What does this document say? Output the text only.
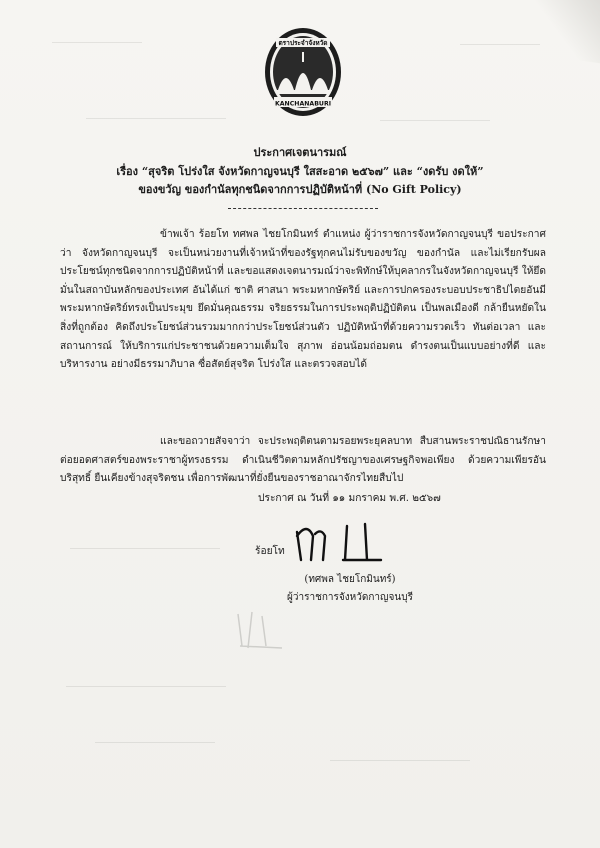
ตราประจำจังหวัด
KANCHANABURI
ประกาศเจตนารมณ์
เรื่อง “สุจริต โปร่งใส จังหวัดกาญจนบุรี ใสสะอาด ๒๕๖๗” และ “งดรับ งดให้”
ของขวัญ ของกำนัลทุกชนิดจากการปฏิบัติหน้าที่ (No Gift Policy)
ข้าพเจ้า ร้อยโท ทศพล ไชยโกมินทร์ ตำแหน่ง ผู้ว่าราชการจังหวัดกาญจนบุรี ขอประกาศว่า จังหวัดกาญจนบุรี จะเป็นหน่วยงานที่เจ้าหน้าที่ของรัฐทุกคนไม่รับของขวัญ ของกำนัล และไม่เรียกรับผลประโยชน์ทุกชนิดจากการปฏิบัติหน้าที่ และขอแสดงเจตนารมณ์ว่าจะพิทักษ์ให้บุคลากรในจังหวัดกาญจนบุรี ให้ยึดมั่นในสถาบันหลักของประเทศ อันได้แก่ ชาติ ศาสนา พระมหากษัตริย์ และการปกครองระบอบประชาธิปไตยอันมีพระมหากษัตริย์ทรงเป็นประมุข ยึดมั่นคุณธรรม จริยธรรมในการประพฤติปฏิบัติตน เป็นพลเมืองดี กล้ายืนหยัดในสิ่งที่ถูกต้อง คิดถึงประโยชน์ส่วนรวมมากกว่าประโยชน์ส่วนตัว ปฏิบัติหน้าที่ด้วยความรวดเร็ว ทันต่อเวลา และสถานการณ์ ให้บริการแก่ประชาชนด้วยความเต็มใจ สุภาพ อ่อนน้อมถ่อมตน ดำรงตนเป็นแบบอย่างที่ดี และบริหารงาน อย่างมีธรรมาภิบาล ซื่อสัตย์สุจริต โปร่งใส และตรวจสอบได้
และขอถวายสัจจาว่า จะประพฤติตนตามรอยพระยุคลบาท สืบสานพระราชปณิธานรักษาต่อยอดศาสตร์ของพระราชาผู้ทรงธรรม ดำเนินชีวิตตามหลักปรัชญาของเศรษฐกิจพอเพียง ด้วยความเพียรอันบริสุทธิ์ ยืนเคียงข้างสุจริตชน เพื่อการพัฒนาที่ยั่งยืนของราชอาณาจักรไทยสืบไป
ประกาศ ณ วันที่ ๑๑ มกราคม พ.ศ. ๒๕๖๗
ร้อยโท
(ทศพล ไชยโกมินทร์)
ผู้ว่าราชการจังหวัดกาญจนบุรี
